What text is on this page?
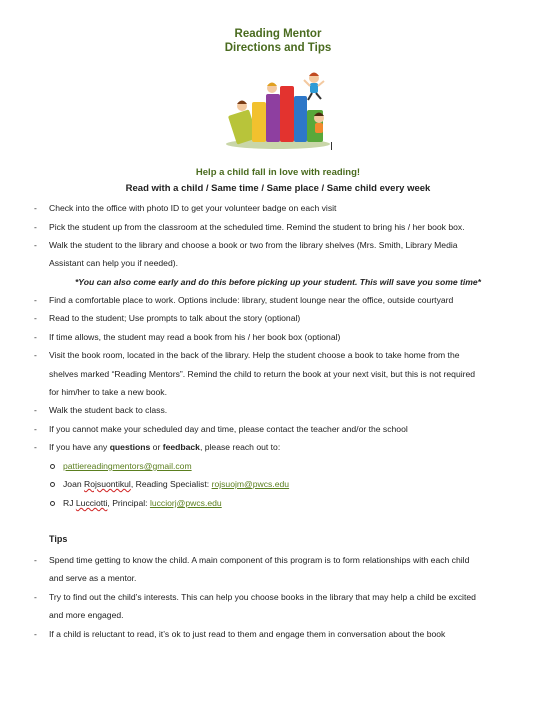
Reading Mentor
Directions and Tips
Help a child fall in love with reading!
Read with a child / Same time / Same place / Same child every week
- Check into the office with photo ID to get your volunteer badge on each visit
- Pick the student up from the classroom at the scheduled time. Remind the student to bring his / her book box.
- Walk the student to the library and choose a book or two from the library shelves (Mrs. Smith, Library Media
Assistant can help you if needed).
*You can also come early and do this before picking up your student. This will save you some time*
- Find a comfortable place to work. Options include: library, student lounge near the office, outside courtyard
- Read to the student; Use prompts to talk about the story (optional)
- If time allows, the student may read a book from his / her book box (optional)
- Visit the book room, located in the back of the library. Help the student choose a book to take home from the
shelves marked “Reading Mentors”. Remind the child to return the book at your next visit, but this is not required
for him/her to take a new book.
- Walk the student back to class.
- If you cannot make your scheduled day and time, please contact the teacher and/or the school
- If you have any questions or feedback, please reach out to:
pattiereadingmentors@gmail.com
Joan Rojsuontikul, Reading Specialist: rojsuojm@pwcs.edu
RJ Lucciotti, Principal: lucciorj@pwcs.edu
Tips
- Spend time getting to know the child. A main component of this program is to form relationships with each child
and serve as a mentor.
- Try to find out the child’s interests. This can help you choose books in the library that may help a child be excited
and more engaged.
- If a child is reluctant to read, it’s ok to just read to them and engage them in conversation about the book
